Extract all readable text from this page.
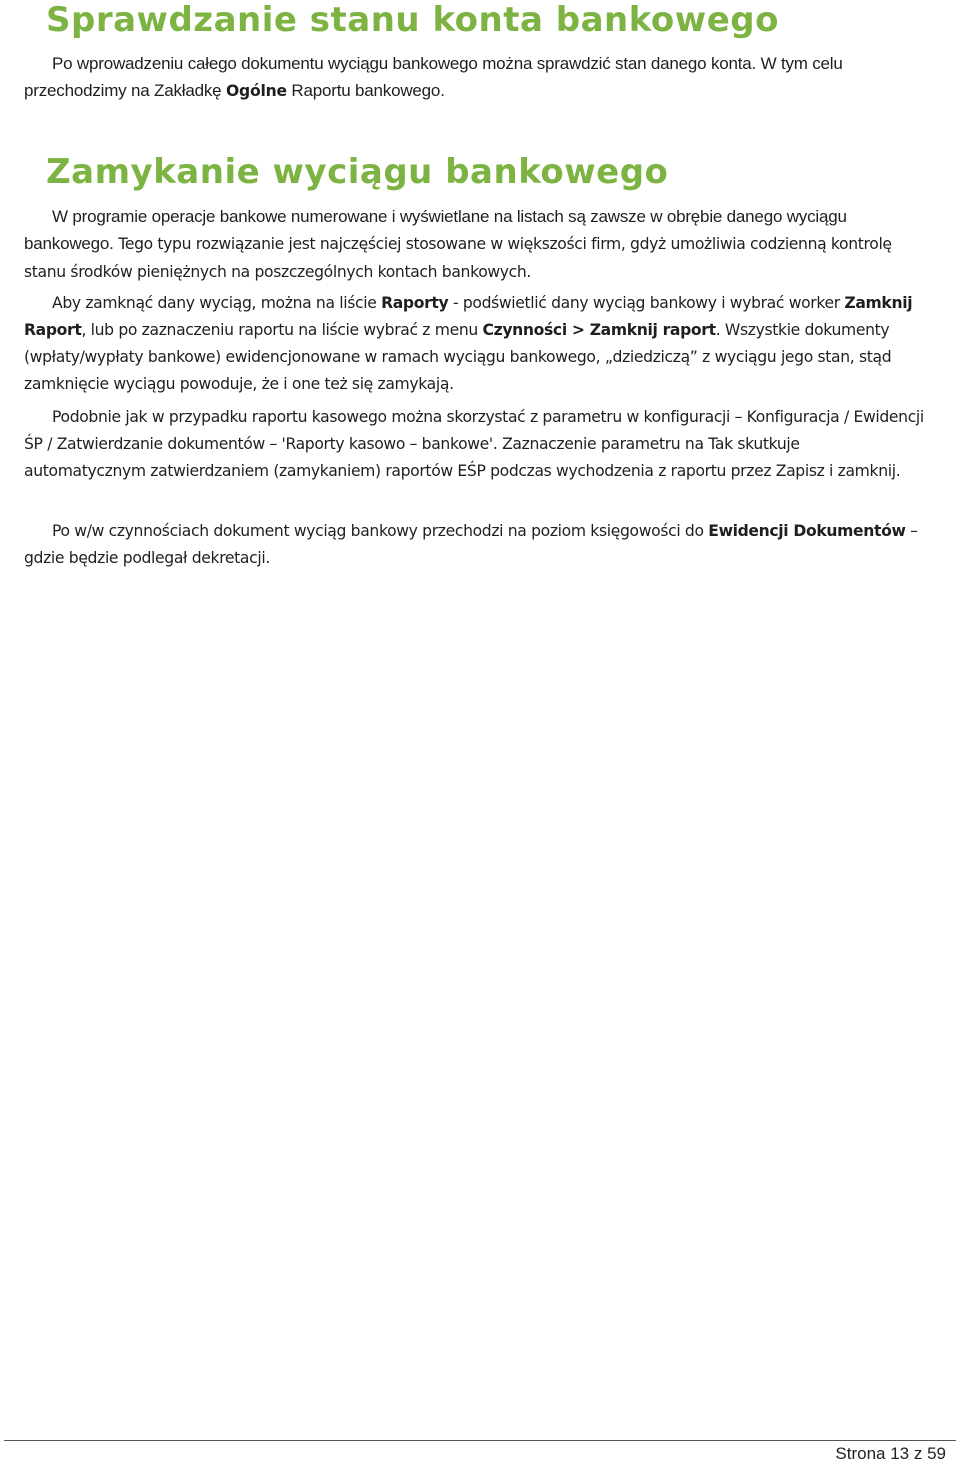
Sprawdzanie stanu konta bankowego

Po wprowadzeniu całego dokumentu wyciągu bankowego można sprawdzić stan danego konta. W tym celu przechodzimy na Zakładkę Ogólne Raportu bankowego.

Zamykanie wyciągu bankowego

W programie operacje bankowe numerowane i wyświetlane na listach są zawsze w obrębie danego wyciągu bankowego. Tego typu rozwiązanie jest najczęściej stosowane w większości firm, gdyż umożliwia codzienną kontrolę stanu środków pieniężnych na poszczególnych kontach bankowych.

Aby zamknąć dany wyciąg, można na liście Raporty - podświetlić dany wyciąg bankowy i wybrać worker Zamknij Raport, lub po zaznaczeniu raportu na liście wybrać z menu Czynności > Zamknij raport. Wszystkie dokumenty (wpłaty/wypłaty bankowe) ewidencjonowane w ramach wyciągu bankowego, „dziedziczą” z wyciągu jego stan, stąd zamknięcie wyciągu powoduje, że i one też się zamykają.

Podobnie jak w przypadku raportu kasowego można skorzystać z parametru w konfiguracji – Konfiguracja / Ewidencji ŚP / Zatwierdzanie dokumentów – 'Raporty kasowo – bankowe'. Zaznaczenie parametru na Tak skutkuje automatycznym zatwierdzaniem (zamykaniem) raportów EŚP podczas wychodzenia z raportu przez Zapisz i zamknij.

Po w/w czynnościach dokument wyciąg bankowy przechodzi na poziom księgowości do Ewidencji Dokumentów – gdzie będzie podlegał dekretacji.

Strona 13 z 59
